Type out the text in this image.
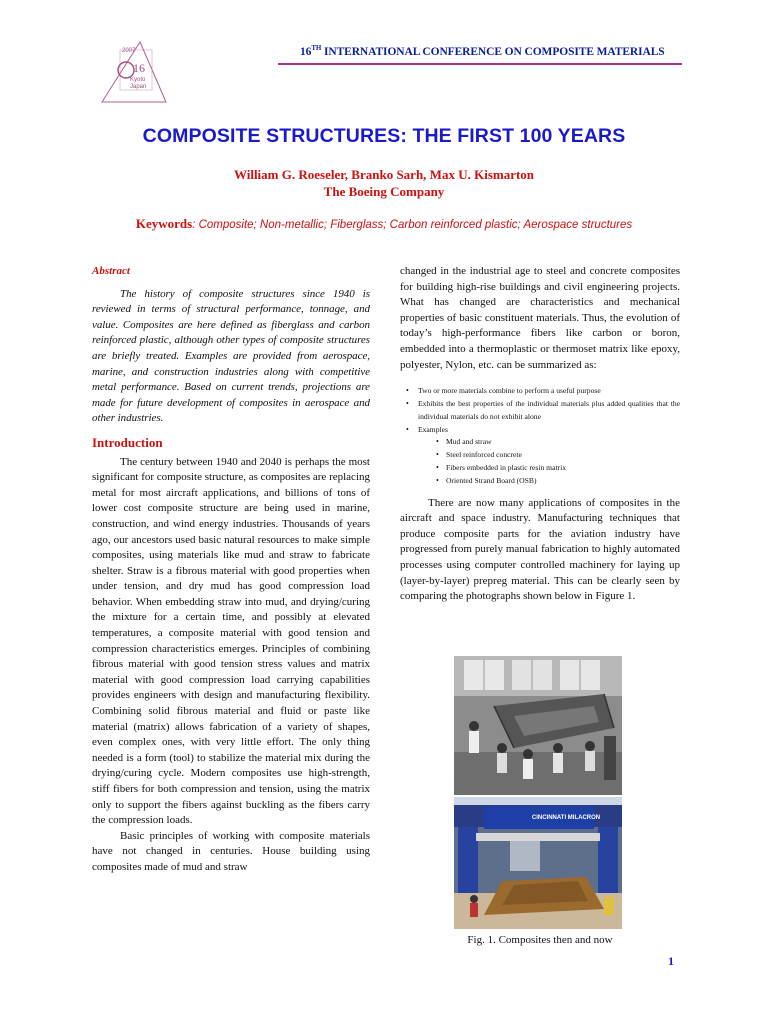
2007
16
Kyoto
Japan
16TH INTERNATIONAL CONFERENCE ON COMPOSITE MATERIALS
COMPOSITE STRUCTURES: THE FIRST 100 YEARS
William G. Roeseler, Branko Sarh, Max U. Kismarton
The Boeing Company
Keywords: Composite; Non-metallic; Fiberglass; Carbon reinforced plastic; Aerospace structures
Abstract

The history of composite structures since 1940 is reviewed in terms of structural performance, tonnage, and value. Composites are here defined as fiberglass and carbon reinforced plastic, although other types of composite structures are briefly treated. Examples are provided from aerospace, marine, and construction industries along with competitive metal performance. Based on current trends, projections are made for future development of composites in aerospace and other industries.

Introduction

The century between 1940 and 2040 is perhaps the most significant for composite structure, as composites are replacing metal for most aircraft applications, and billions of tons of lower cost composite structure are being used in marine, construction, and wind energy industries. Thousands of years ago, our ancestors used basic natural resources to make simple composites, using materials like mud and straw to fabricate shelter. Straw is a fibrous material with good properties when under tension, and dry mud has good compression load behavior. When embedding straw into mud, and drying/curing the mixture for a certain time, and possibly at elevated temperatures, a composite material with good tension and compression characteristics emerges. Principles of combining fibrous material with good tension stress values and matrix material with good compression load carrying capabilities provides engineers with design and manufacturing flexibility. Combining solid fibrous material and fluid or paste like material (matrix) allows fabrication of a variety of shapes, even complex ones, with very little effort. The only thing needed is a form (tool) to stabilize the material mix during the drying/curing cycle. Modern composites use high-strength, stiff fibers for both compression and tension, using the matrix only to support the fibers against buckling as the fibers carry the compression loads.

Basic principles of working with composite materials have not changed in centuries. House building using composites made of mud and straw

changed in the industrial age to steel and concrete composites for building high-rise buildings and civil engineering projects. What has changed are characteristics and mechanical properties of basic constituent materials. Thus, the evolution of today’s high-performance fibers like carbon or boron, embedded into a thermoplastic or thermoset matrix like epoxy, polyester, Nylon, etc. can be summarized as:

• Two or more materials combine to perform a useful purpose
• Exhibits the best properties of the individual materials plus added qualities that the individual materials do not exhibit alone
• Examples
• Mud and straw
• Steel reinforced concrete
• Fibers embedded in plastic resin matrix
• Oriented Strand Board (OSB)

There are now many applications of composites in the aircraft and space industry. Manufacturing techniques that produce composite parts for the aviation industry have progressed from purely manual fabrication to highly automated processes using computer controlled machinery for laying up (layer-by-layer) prepreg material. This can be clearly seen by comparing the photographs shown below in Figure 1.

CINCINNATI MILACRON
Fig. 1. Composites then and now
1
